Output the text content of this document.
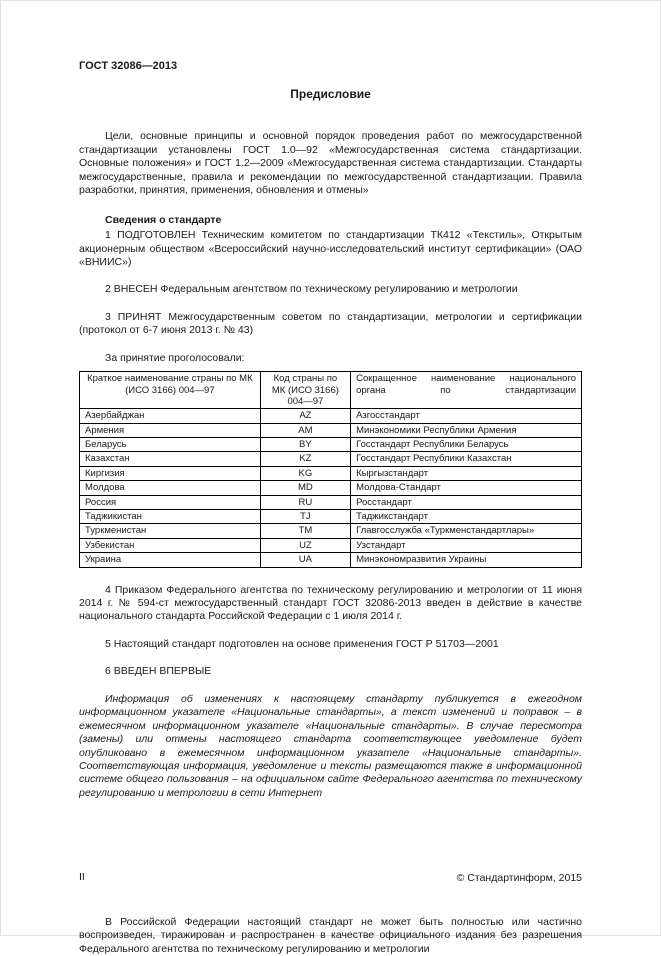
ГОСТ 32086—2013
Предисловие

Цели, основные принципы и основной порядок проведения работ по межгосударственной стандартизации установлены ГОСТ 1.0—92 «Межгосударственная система стандартизации. Основные положения» и ГОСТ 1.2—2009 «Межгосударственная система стандартизации. Стандарты межгосударственные, правила и рекомендации по межгосударственной стандартизации. Правила разработки, принятия, применения, обновления и отмены»

Сведения о стандарте

1 ПОДГОТОВЛЕН Техническим комитетом по стандартизации ТК412 «Текстиль», Открытым акционерным обществом «Всероссийский научно-исследовательский институт сертификации» (ОАО «ВНИИС»)

2 ВНЕСЕН Федеральным агентством по техническому регулированию и метрологии

3 ПРИНЯТ Межгосударственным советом по стандартизации, метрологии и сертификации (протокол от 6-7 июня 2013 г. № 43)

За принятие проголосовали:

Краткое наименование страны по МК (ИСО 3166) 004—97	Код страны по МК (ИСО 3166) 004—97	Сокращенное наименование национального органа по стандартизации
Азербайджан	AZ	Азгосстандарт
Армения	AM	Минэкономики Республики Армения
Беларусь	BY	Госстандарт Республики Беларусь
Казахстан	KZ	Госстандарт Республики Казахстан
Киргизия	KG	Кыргызстандарт
Молдова	MD	Молдова-Стандарт
Россия	RU	Росстандарт
Таджикистан	TJ	Таджикстандарт
Туркменистан	TM	Главгосслужба «Туркменстандартлары»
Узбекистан	UZ	Узстандарт
Украина	UA	Минэкономразвития Украины

4 Приказом Федерального агентства по техническому регулированию и метрологии от 11 июня 2014 г. № 594-ст межгосударственный стандарт ГОСТ 32086-2013 введен в действие в качестве национального стандарта Российской Федерации с 1 июля 2014 г.

5 Настоящий стандарт подготовлен на основе применения ГОСТ Р 51703—2001

6 ВВЕДЕН ВПЕРВЫЕ

Информация об изменениях к настоящему стандарту публикуется в ежегодном информационном указателе «Национальные стандарты», а текст изменений и поправок – в ежемесячном информационном указателе «Национальные стандарты». В случае пересмотра (замены) или отмены настоящего стандарта соответствующее уведомление будет опубликовано в ежемесячном информационном указателе «Национальные стандарты». Соответствующая информация, уведомление и тексты размещаются также в информационной системе общего пользования – на официальном сайте Федерального агентства по техническому регулированию и метрологии в сети Интернет

© Стандартинформ, 2015

В Российской Федерации настоящий стандарт не может быть полностью или частично воспроизведен, тиражирован и распространен в качестве официального издания без разрешения Федерального агентства по техническому регулированию и метрологии

II
